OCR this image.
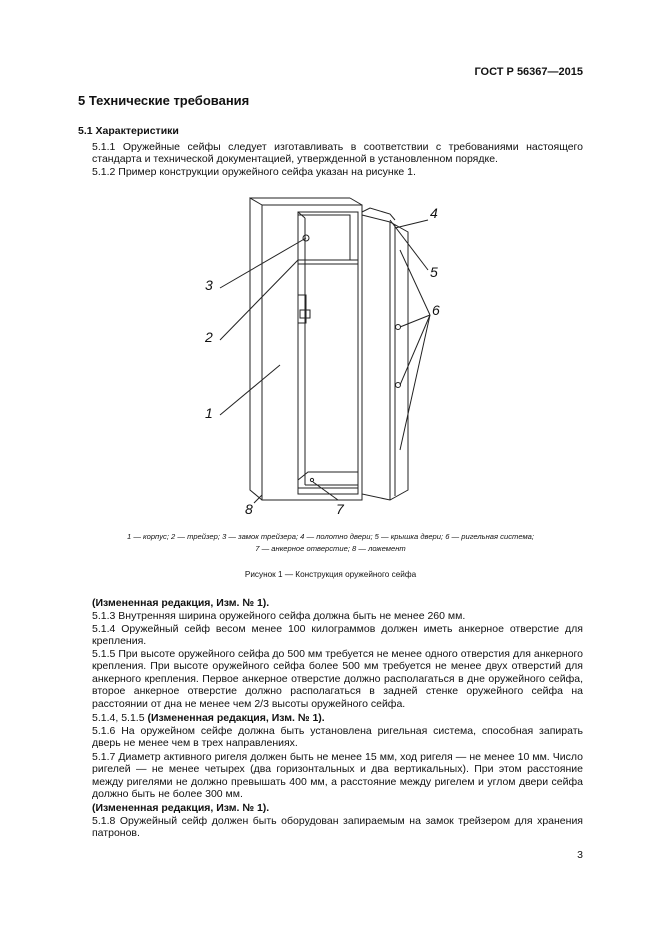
ГОСТ Р 56367—2015
5 Технические требования
5.1 Характеристики
5.1.1 Оружейные сейфы следует изготавливать в соответствии с требованиями настоящего стандарта и технической документацией, утвержденной в установленном порядке.
5.1.2 Пример конструкции оружейного сейфа указан на рисунке 1.
3
2
1
4
5
6
7
8
1 — корпус; 2 — трейзер; 3 — замок трейзера; 4 — полотно двери; 5 — крышка двери; 6 — ригельная система;
7 — анкерное отверстие; 8 — ложемент
Рисунок 1 — Конструкция оружейного сейфа
(Измененная редакция, Изм. № 1).
5.1.3 Внутренняя ширина оружейного сейфа должна быть не менее 260 мм.
5.1.4 Оружейный сейф весом менее 100 килограммов должен иметь анкерное отверстие для крепления.
5.1.5 При высоте оружейного сейфа до 500 мм требуется не менее одного отверстия для анкерного крепления. При высоте оружейного сейфа более 500 мм требуется не менее двух отверстий для анкерного крепления. Первое анкерное отверстие должно располагаться в дне оружейного сейфа, второе анкерное отверстие должно располагаться в задней стенке оружейного сейфа на расстоянии от дна не менее чем 2/3 высоты оружейного сейфа.
5.1.4, 5.1.5 (Измененная редакция, Изм. № 1).
5.1.6 На оружейном сейфе должна быть установлена ригельная система, способная запирать дверь не менее чем в трех направлениях.
5.1.7 Диаметр активного ригеля должен быть не менее 15 мм, ход ригеля — не менее 10 мм. Число ригелей — не менее четырех (два горизонтальных и два вертикальных). При этом расстояние между ригелями не должно превышать 400 мм, а расстояние между ригелем и углом двери сейфа должно быть не более 300 мм.
(Измененная редакция, Изм. № 1).
5.1.8 Оружейный сейф должен быть оборудован запираемым на замок трейзером для хранения патронов.
3
